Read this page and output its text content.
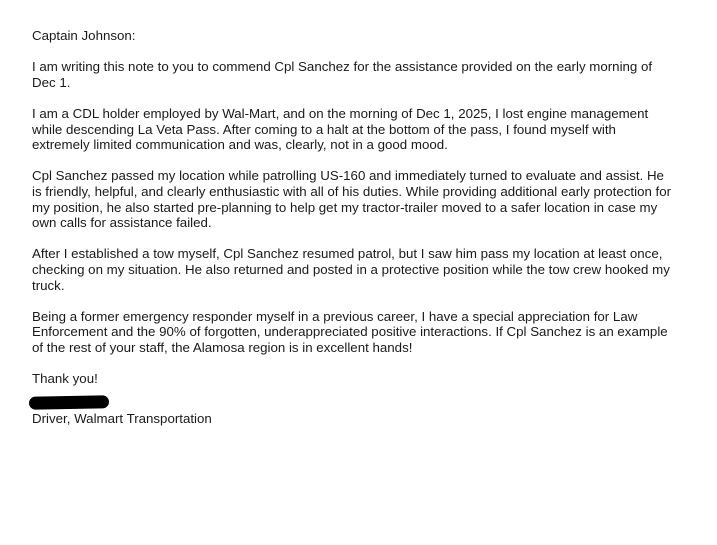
Captain Johnson:

I am writing this note to you to commend Cpl Sanchez for the assistance provided on the early morning of Dec 1.

I am a CDL holder employed by Wal-Mart, and on the morning of Dec 1, 2025, I lost engine management while descending La Veta Pass. After coming to a halt at the bottom of the pass, I found myself with extremely limited communication and was, clearly, not in a good mood.

Cpl Sanchez passed my location while patrolling US-160 and immediately turned to evaluate and assist. He is friendly, helpful, and clearly enthusiastic with all of his duties. While providing additional early protection for my position, he also started pre-planning to help get my tractor-trailer moved to a safer location in case my own calls for assistance failed.

After I established a tow myself, Cpl Sanchez resumed patrol, but I saw him pass my location at least once, checking on my situation. He also returned and posted in a protective position while the tow crew hooked my truck.

Being a former emergency responder myself in a previous career, I have a special appreciation for Law Enforcement and the 90% of forgotten, underappreciated positive interactions. If Cpl Sanchez is an example of the rest of your staff, the Alamosa region is in excellent hands!

Thank you!

Driver, Walmart Transportation
